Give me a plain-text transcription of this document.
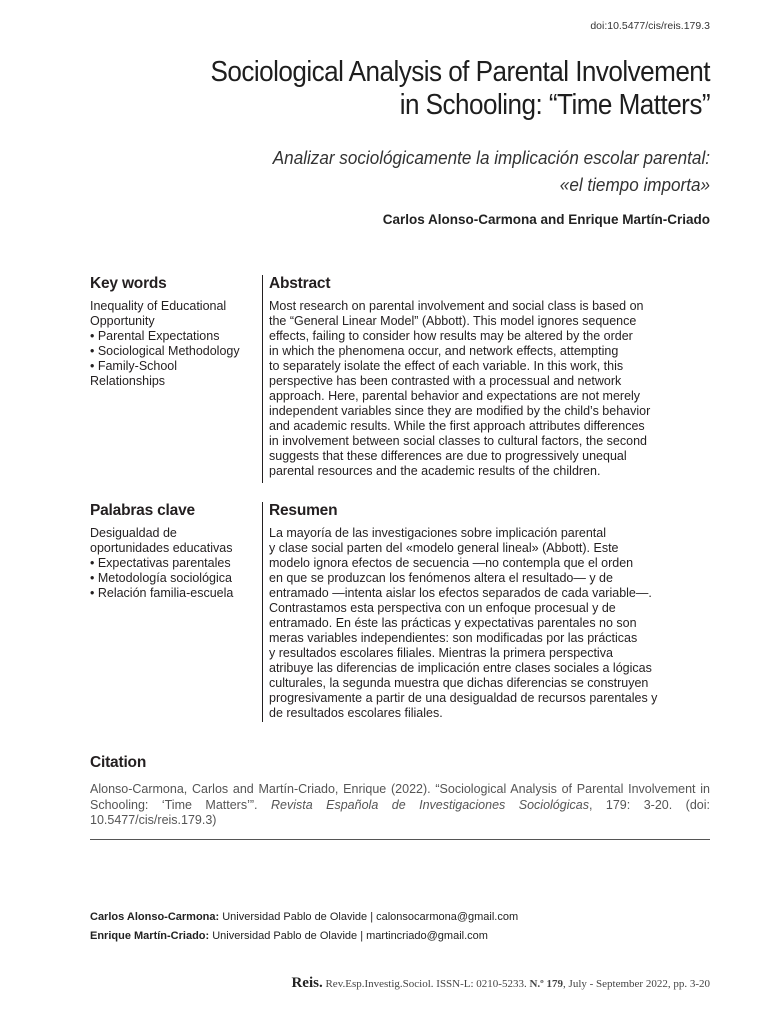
doi:10.5477/cis/reis.179.3
Sociological Analysis of Parental Involvement
in Schooling: “Time Matters”
Analizar sociológicamente la implicación escolar parental:
«el tiempo importa»
Carlos Alonso-Carmona and Enrique Martín-Criado
Key words
Inequality of Educational Opportunity
• Parental Expectations
• Sociological Methodology
• Family-School Relationships
Abstract
Most research on parental involvement and social class is based on
the “General Linear Model” (Abbott). This model ignores sequence
effects, failing to consider how results may be altered by the order
in which the phenomena occur, and network effects, attempting
to separately isolate the effect of each variable. In this work, this
perspective has been contrasted with a processual and network
approach. Here, parental behavior and expectations are not merely
independent variables since they are modified by the child’s behavior
and academic results. While the first approach attributes differences
in involvement between social classes to cultural factors, the second
suggests that these differences are due to progressively unequal
parental resources and the academic results of the children.
Palabras clave
Desigualdad de oportunidades educativas
• Expectativas parentales
• Metodología sociológica
• Relación familia-escuela
Resumen
La mayoría de las investigaciones sobre implicación parental
y clase social parten del «modelo general lineal» (Abbott). Este
modelo ignora efectos de secuencia —no contempla que el orden
en que se produzcan los fenómenos altera el resultado— y de
entramado —intenta aislar los efectos separados de cada variable—.
Contrastamos esta perspectiva con un enfoque procesual y de
entramado. En éste las prácticas y expectativas parentales no son
meras variables independientes: son modificadas por las prácticas
y resultados escolares filiales. Mientras la primera perspectiva
atribuye las diferencias de implicación entre clases sociales a lógicas
culturales, la segunda muestra que dichas diferencias se construyen
progresivamente a partir de una desigualdad de recursos parentales y
de resultados escolares filiales.
Citation
Alonso-Carmona, Carlos and Martín-Criado, Enrique (2022). “Sociological Analysis of Parental Involvement in Schooling: ‘Time Matters’”. Revista Española de Investigaciones Sociológicas, 179: 3-20. (doi: 10.5477/cis/reis.179.3)
Carlos Alonso-Carmona: Universidad Pablo de Olavide | calonsocarmona@gmail.com
Enrique Martín-Criado: Universidad Pablo de Olavide | martincriado@gmail.com
Reis. Rev.Esp.Investig.Sociol. ISSN-L: 0210-5233. N.º 179, July - September 2022, pp. 3-20
